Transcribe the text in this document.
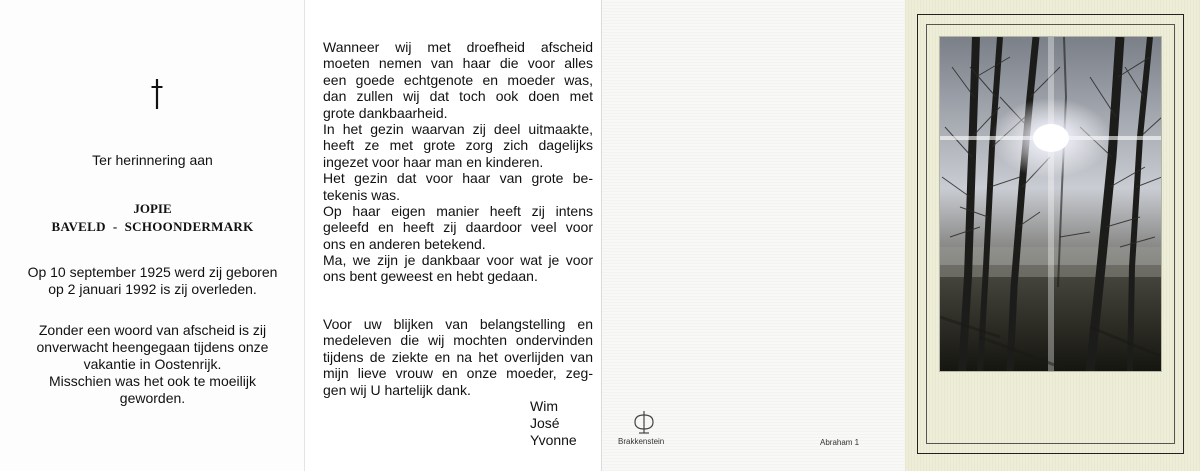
Ter herinnering aan
JOPIE
BAVELD  -  SCHOONDERMARK
Op 10 september 1925 werd zij geboren
op 2 januari 1992 is zij overleden.
Zonder een woord van afscheid is zij
onverwacht heengegaan tijdens onze
vakantie in Oostenrijk.
Misschien was het ook te moeilijk
geworden.
Wanneer wij met droefheid afscheid
moeten nemen van haar die voor alles
een goede echtgenote en moeder was,
dan zullen wij dat toch ook doen met
grote dankbaarheid.
In het gezin waarvan zij deel uitmaakte,
heeft ze met grote zorg zich dagelijks
ingezet voor haar man en kinderen.
Het gezin dat voor haar van grote be-
tekenis was.
Op haar eigen manier heeft zij intens
geleefd en heeft zij daardoor veel voor
ons en anderen betekend.
Ma, we zijn je dankbaar voor wat je voor
ons bent geweest en hebt gedaan.
Voor uw blijken van belangstelling en
medeleven die wij mochten ondervinden
tijdens de ziekte en na het overlijden van
mijn lieve vrouw en onze moeder, zeg-
gen wij U hartelijk dank.
Wim
José
Yvonne	Brakkenstein	Abraham 1
